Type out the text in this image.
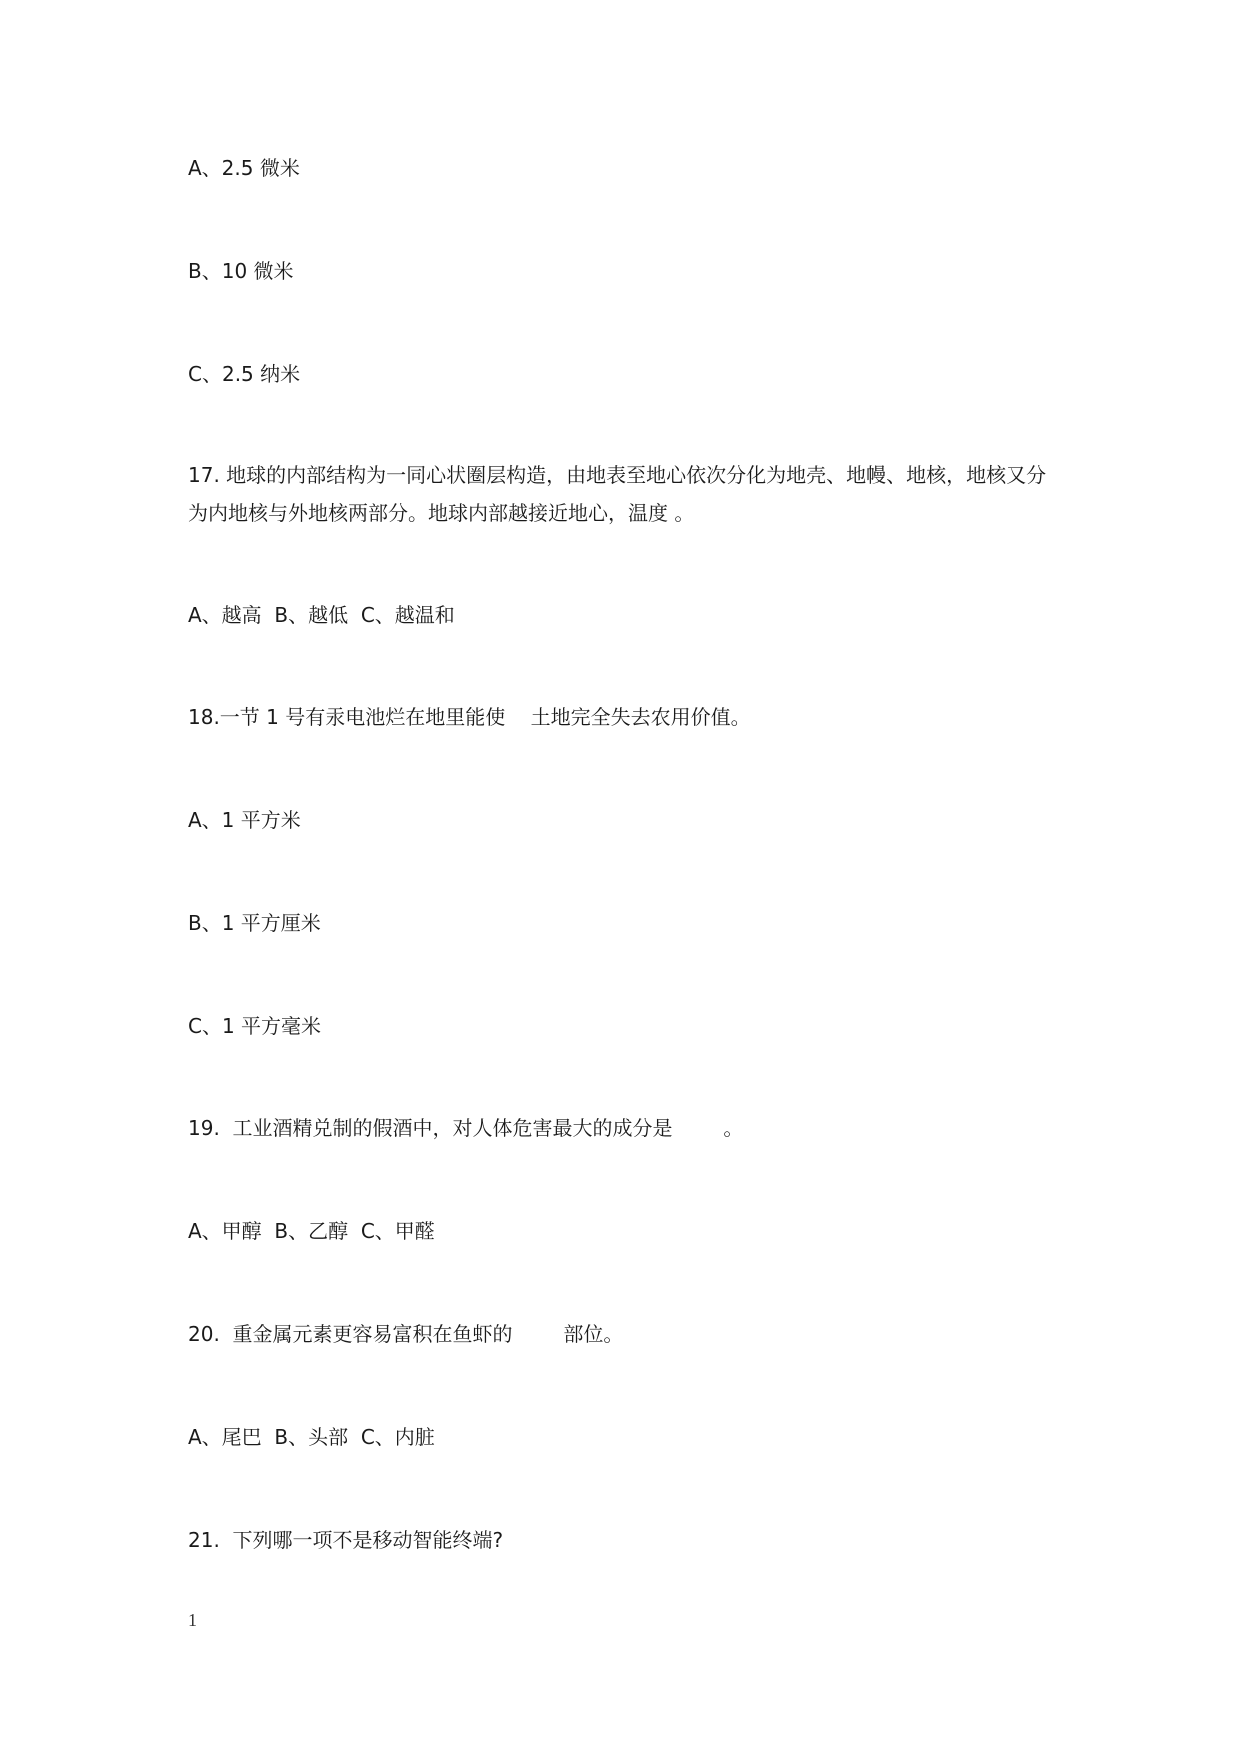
A、2.5 微米
B、10 微米
C、2.5 纳米
17. 地球的内部结构为一同心状圈层构造，由地表至地心依次分化为地壳、地幔、地核，地核又分为内地核与外地核两部分。地球内部越接近地心，温度 。
A、越高  B、越低  C、越温和
18.一节 1 号有汞电池烂在地里能使    土地完全失去农用价值。
A、1 平方米
B、1 平方厘米
C、1 平方毫米
19.  工业酒精兑制的假酒中，对人体危害最大的成分是        。
A、甲醇  B、乙醇  C、甲醛
20.  重金属元素更容易富积在鱼虾的        部位。
A、尾巴  B、头部  C、内脏
21.  下列哪一项不是移动智能终端?
1
